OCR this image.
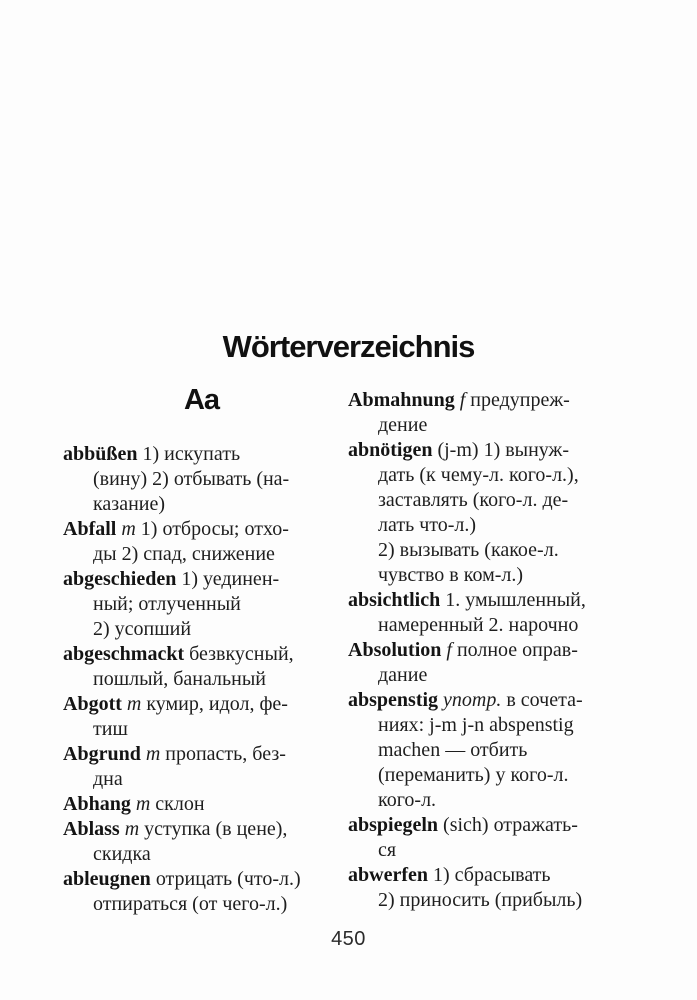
Wörterverzeichnis
Aa
abbüßen 1) искупать
(вину) 2) отбывать (на-
казание)
Abfall m 1) отбросы; отхо-
ды 2) спад, снижение
abgeschieden 1) уединен-
ный; отлученный
2) усопший
abgeschmackt безвкусный,
пошлый, банальный
Abgott m кумир, идол, фе-
тиш
Abgrund m пропасть, без-
дна
Abhang m склон
Ablass m уступка (в цене),
скидка
ableugnen отрицать (что-л.)
отпираться (от чего-л.)
Abmahnung f предупреж-
дение
abnötigen (j-m) 1) вынуж-
дать (к чему-л. кого-л.),
заставлять (кого-л. де-
лать что-л.)
2) вызывать (какое-л.
чувство в ком-л.)
absichtlich 1. умышленный,
намеренный 2. нарочно
Absolution f полное оправ-
дание
abspenstig употр. в сочета-
ниях: j-m j-n abspenstig
machen — отбить
(переманить) у кого-л.
кого-л.
abspiegeln (sich) отражать-
ся
abwerfen 1) сбрасывать
2) приносить (прибыль)
450
